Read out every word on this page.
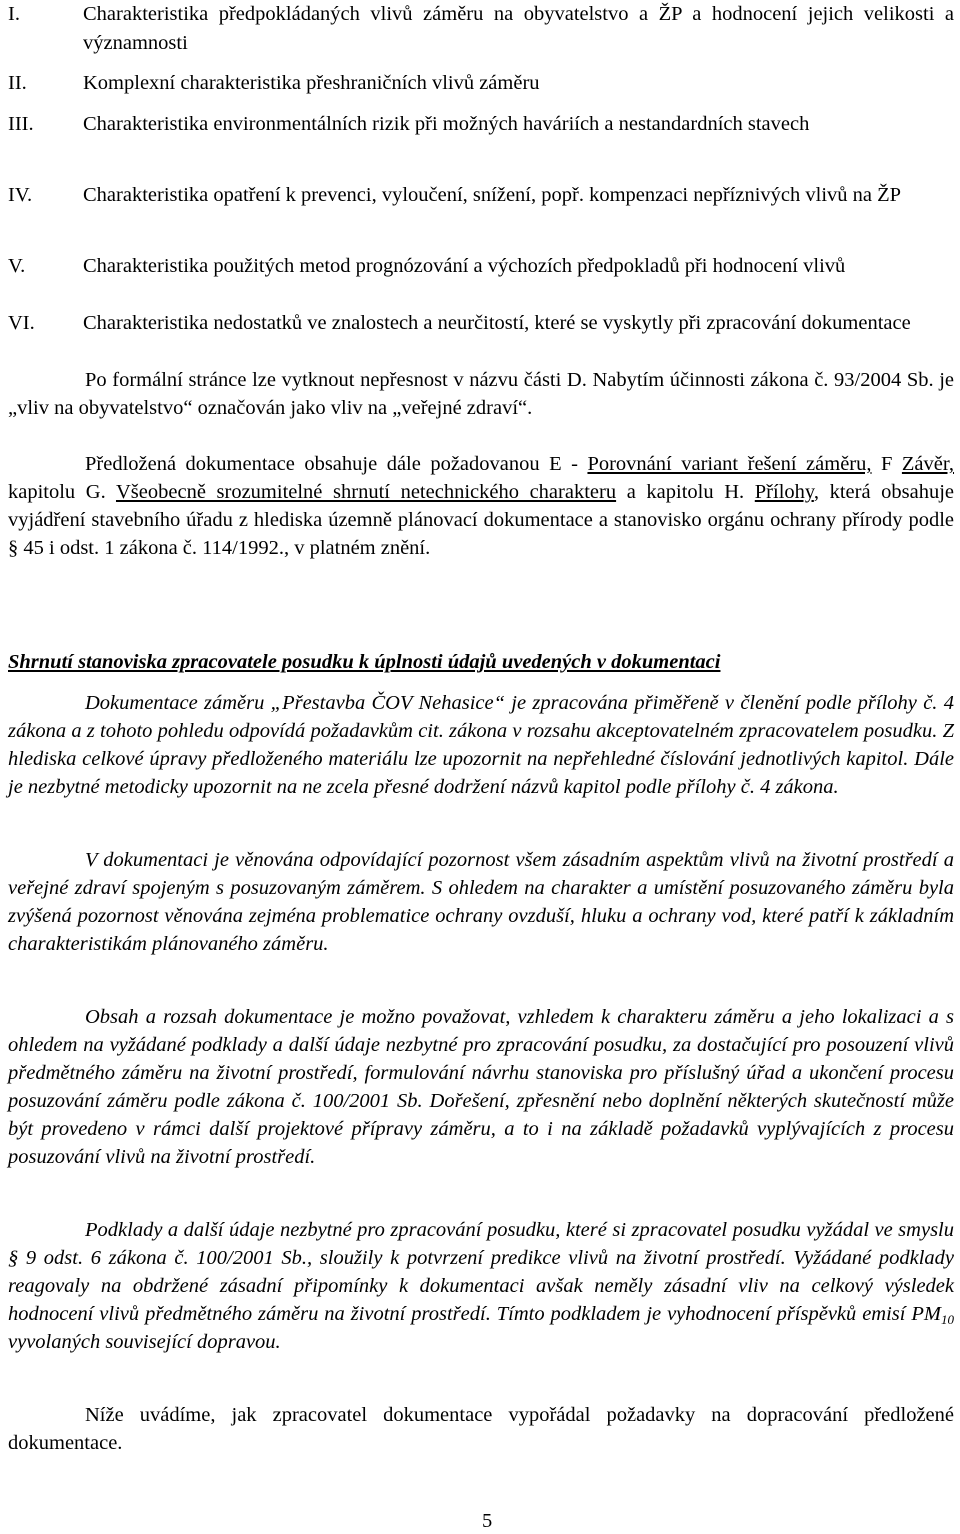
I.	Charakteristika předpokládaných vlivů záměru na obyvatelstvo a ŽP a hodnocení jejich velikosti a významnosti
II.	Komplexní charakteristika přeshraničních vlivů záměru
III. Charakteristika environmentálních rizik při možných haváriích a nestandardních stavech
IV. Charakteristika opatření k prevenci, vyloučení, snížení, popř. kompenzaci nepříznivých vlivů na ŽP
V.	Charakteristika použitých metod prognózování a výchozích předpokladů při hodnocení vlivů
VI. Charakteristika nedostatků ve znalostech a neurčitostí, které se vyskytly při zpracování dokumentace

Po formální stránce lze vytknout nepřesnost v názvu části D. Nabytím účinnosti zákona č. 93/2004 Sb. je „vliv na obyvatelstvo“ označován jako vliv na „veřejné zdraví“.

Předložená dokumentace obsahuje dále požadovanou E - Porovnání variant řešení záměru, F Závěr, kapitolu G. Všeobecně srozumitelné shrnutí netechnického charakteru a kapitolu H. Přílohy, která obsahuje vyjádření stavebního úřadu z hlediska územně plánovací dokumentace a stanovisko orgánu ochrany přírody podle § 45 i odst. 1 zákona č. 114/1992., v platném znění.

Shrnutí stanoviska zpracovatele posudku k úplnosti údajů uvedených v dokumentaci

Dokumentace záměru „Přestavba ČOV Nehasice“ je zpracována přiměřeně v členění podle přílohy č. 4 zákona a z tohoto pohledu odpovídá požadavkům cit. zákona v rozsahu akceptovatelném zpracovatelem posudku. Z hlediska celkové úpravy předloženého materiálu lze upozornit na nepřehledné číslování jednotlivých kapitol. Dále je nezbytné metodicky upozornit na ne zcela přesné dodržení názvů kapitol podle přílohy č. 4 zákona.

V dokumentaci je věnována odpovídající pozornost všem zásadním aspektům vlivů na životní prostředí a veřejné zdraví spojeným s posuzovaným záměrem. S ohledem na charakter a umístění posuzovaného záměru byla zvýšená pozornost věnována zejména problematice ochrany ovzduší, hluku a ochrany vod, které patří k základním charakteristikám plánovaného záměru.

Obsah a rozsah dokumentace je možno považovat, vzhledem k charakteru záměru a jeho lokalizaci a s ohledem na vyžádané podklady a další údaje nezbytné pro zpracování posudku, za dostačující pro posouzení vlivů předmětného záměru na životní prostředí, formulování návrhu stanoviska pro příslušný úřad a ukončení procesu posuzování záměru podle zákona č. 100/2001 Sb. Dořešení, zpřesnění nebo doplnění některých skutečností může být provedeno v rámci další projektové přípravy záměru, a to i na základě požadavků vyplývajících z procesu posuzování vlivů na životní prostředí.

Podklady a další údaje nezbytné pro zpracování posudku, které si zpracovatel posudku vyžádal ve smyslu § 9 odst. 6 zákona č. 100/2001 Sb., sloužily k potvrzení predikce vlivů na životní prostředí. Vyžádané podklady reagovaly na obdržené zásadní připomínky k dokumentaci avšak neměly zásadní vliv na celkový výsledek hodnocení vlivů předmětného záměru na životní prostředí. Tímto podkladem je vyhodnocení příspěvků emisí $PM_{10}$ vyvolaných související dopravou.

Níže uvádíme, jak zpracovatel dokumentace vypořádal požadavky na dopracování předložené dokumentace.

5
